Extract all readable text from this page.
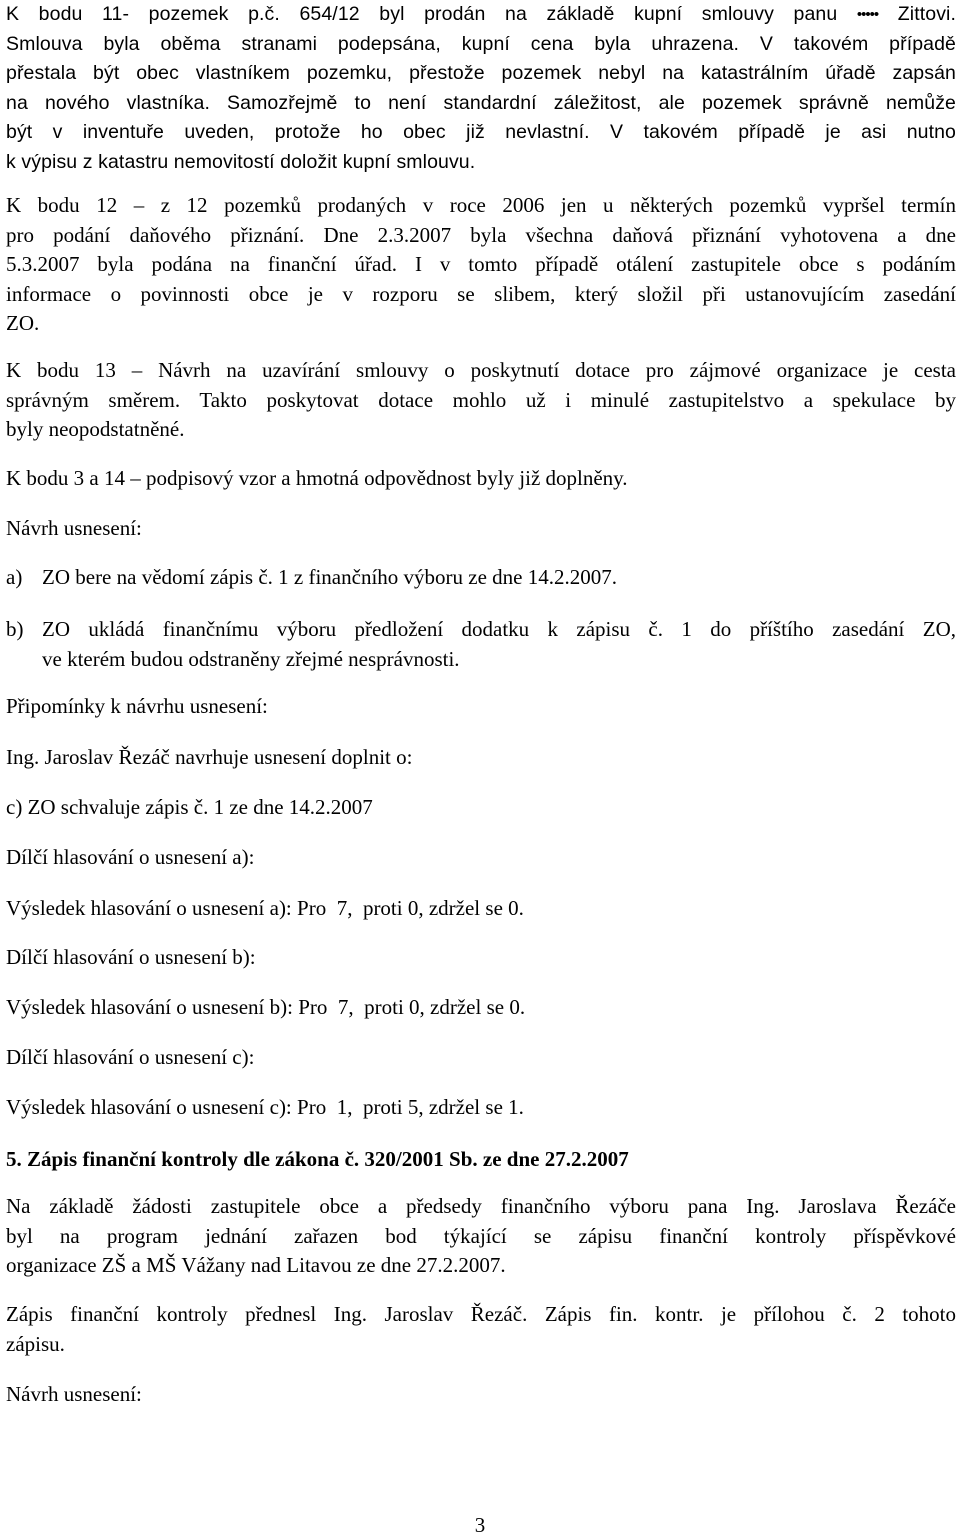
K bodu 11- pozemek p.č. 654/12 byl prodán na základě kupní smlouvy panu ••••• Zittovi.
Smlouva byla oběma stranami podepsána, kupní cena byla uhrazena. V takovém případě
přestala být obec vlastníkem pozemku, přestože pozemek nebyl na katastrálním úřadě zapsán
na nového vlastníka. Samozřejmě to není standardní záležitost, ale pozemek správně nemůže
být v inventuře uveden, protože ho obec již nevlastní. V takovém případě je asi nutno
k výpisu z katastru nemovitostí doložit kupní smlouvu.
K bodu 12 – z 12 pozemků prodaných v roce 2006 jen u některých pozemků vypršel termín
pro podání daňového přiznání. Dne 2.3.2007 byla všechna daňová přiznání vyhotovena a dne
5.3.2007 byla podána na finanční úřad. I v tomto případě otálení zastupitele obce s podáním
informace o povinnosti obce je v rozporu se slibem, který složil při ustanovujícím zasedání
ZO.
K bodu 13 – Návrh na uzavírání smlouvy o poskytnutí dotace pro zájmové organizace je cesta
správným směrem. Takto poskytovat dotace mohlo už i minulé zastupitelstvo a spekulace by
byly neopodstatněné.
K bodu 3 a 14 – podpisový vzor a hmotná odpovědnost byly již doplněny.
Návrh usnesení:
a) ZO bere na vědomí zápis č. 1 z finančního výboru ze dne 14.2.2007.
b) ZO ukládá finančnímu výboru předložení dodatku k zápisu č. 1 do příštího zasedání ZO,
ve kterém budou odstraněny zřejmé nesprávnosti.
Připomínky k návrhu usnesení:
Ing. Jaroslav Řezáč navrhuje usnesení doplnit o:
c) ZO schvaluje zápis č. 1 ze dne 14.2.2007
Dílčí hlasování o usnesení a):
Výsledek hlasování o usnesení a): Pro  7,  proti 0, zdržel se 0.
Dílčí hlasování o usnesení b):
Výsledek hlasování o usnesení b): Pro  7,  proti 0, zdržel se 0.
Dílčí hlasování o usnesení c):
Výsledek hlasování o usnesení c): Pro  1,  proti 5, zdržel se 1.
5. Zápis finanční kontroly dle zákona č. 320/2001 Sb. ze dne 27.2.2007
Na základě žádosti zastupitele obce a předsedy finančního výboru pana Ing. Jaroslava Řezáče
byl na program jednání zařazen bod týkající se zápisu finanční kontroly příspěvkové
organizace ZŠ a MŠ Vážany nad Litavou ze dne 27.2.2007.
Zápis finanční kontroly přednesl Ing. Jaroslav Řezáč. Zápis fin. kontr. je přílohou č. 2 tohoto
zápisu.
Návrh usnesení:
3
